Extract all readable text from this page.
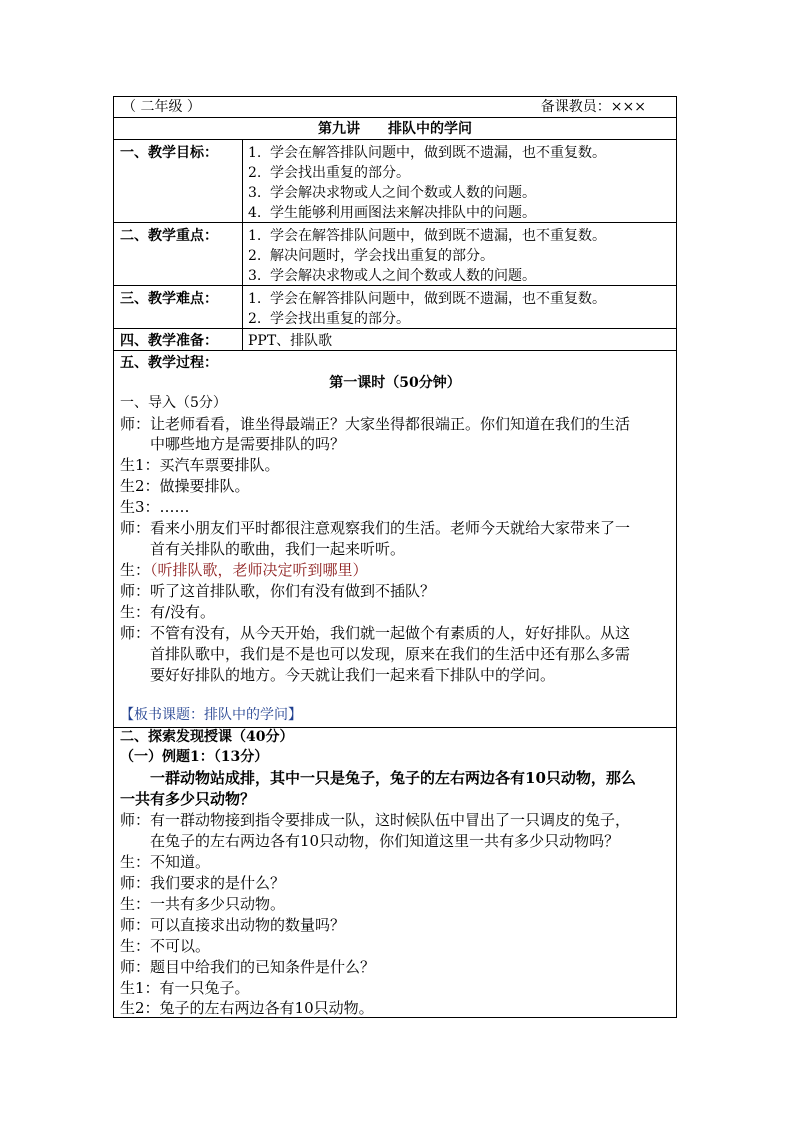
（ 二年级 ）	备课教员：×××
第九讲　　排队中的学问
一、教学目标： 1. 学会在解答排队问题中，做到既不遗漏，也不重复数。
2. 学会找出重复的部分。
3. 学会解决求物或人之间个数或人数的问题。
4. 学生能够利用画图法来解决排队中的问题。
二、教学重点： 1. 学会在解答排队问题中，做到既不遗漏，也不重复数。
2. 解决问题时，学会找出重复的部分。
3. 学会解决求物或人之间个数或人数的问题。
三、教学难点： 1. 学会在解答排队问题中，做到既不遗漏，也不重复数。
2. 学会找出重复的部分。
四、教学准备： PPT、排队歌
五、教学过程：
第一课时（50分钟）
一、导入（5分）
师：让老师看看，谁坐得最端正？大家坐得都很端正。你们知道在我们的生活
中哪些地方是需要排队的吗？
生1：买汽车票要排队。
生2：做操要排队。
生3：……
师：看来小朋友们平时都很注意观察我们的生活。老师今天就给大家带来了一
首有关排队的歌曲，我们一起来听听。
生：（听排队歌，老师决定听到哪里）
师：听了这首排队歌，你们有没有做到不插队？
生：有/没有。
师：不管有没有，从今天开始，我们就一起做个有素质的人，好好排队。从这
首排队歌中，我们是不是也可以发现，原来在我们的生活中还有那么多需
要好好排队的地方。今天就让我们一起来看下排队中的学问。
【板书课题：排队中的学问】
二、探索发现授课（40分）
（一）例题1：（13分）
一群动物站成排，其中一只是兔子，兔子的左右两边各有10只动物，那么
一共有多少只动物？
师：有一群动物接到指令要排成一队，这时候队伍中冒出了一只调皮的兔子，
在兔子的左右两边各有10只动物，你们知道这里一共有多少只动物吗？
生：不知道。
师：我们要求的是什么？
生：一共有多少只动物。
师：可以直接求出动物的数量吗？
生：不可以。
师：题目中给我们的已知条件是什么？
生1：有一只兔子。
生2：兔子的左右两边各有10只动物。
